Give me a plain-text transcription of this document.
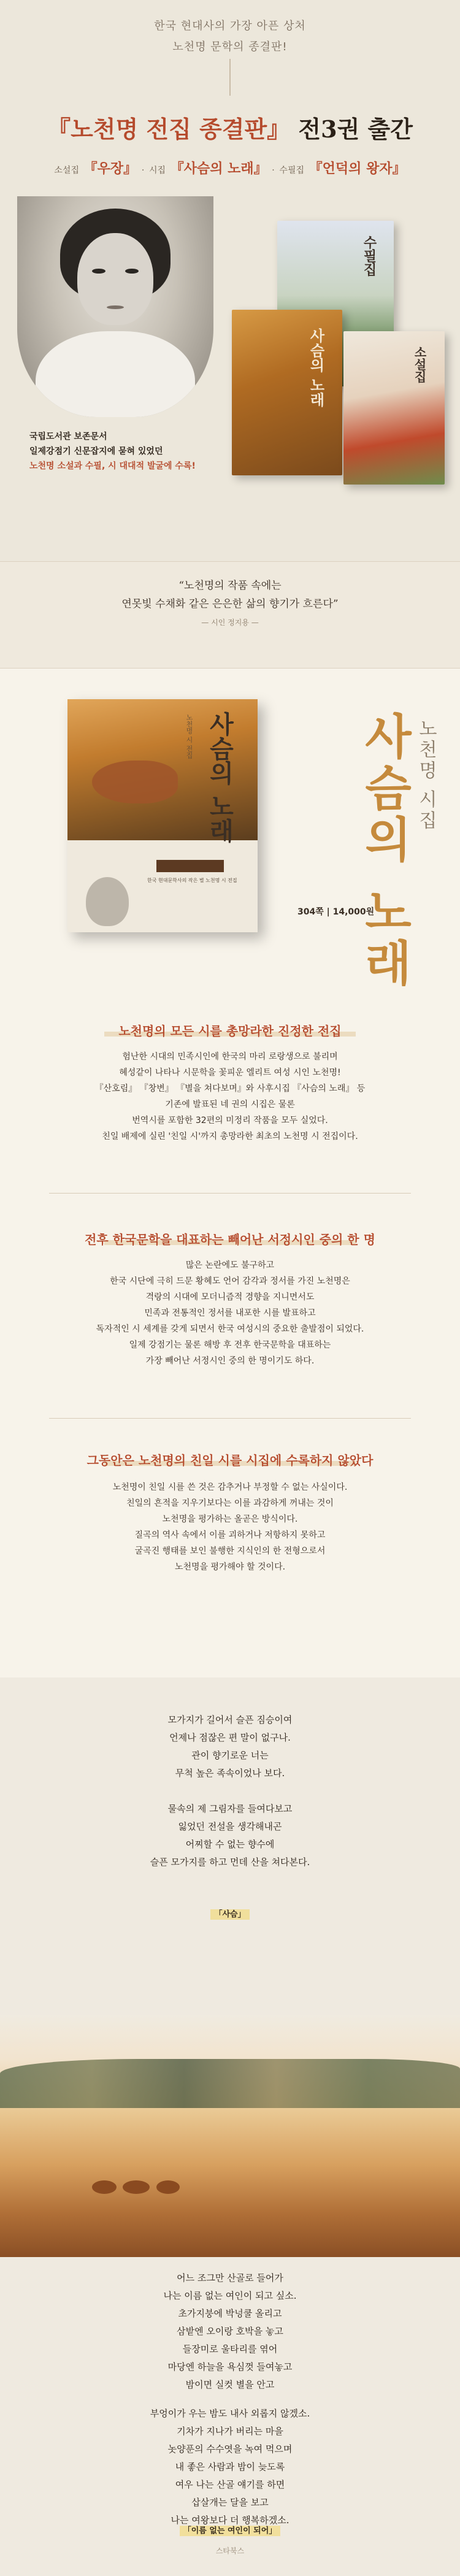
한국 현대사의 가장 아픈 상처
노천명 문학의 종결판!
『노천명 전집 종결판』 전3권 출간
소설집 『우장』 · 시집 『사슴의 노래』 · 수필집 『언덕의 왕자』
수필집
사슴의 노래	소설집
국립도서관 보존문서
일제강점기 신문잡지에 묻혀 있었던
노천명 소설과 수필, 시 대대적 발굴에 수록!
“노천명의 작품 속에는
연못빛 수채화 같은 은은한 삶의 향기가 흐른다”
— 시인 정지용 —
노천명 시 전집 사슴의 노래
한국 현대문학사의 작은 별 노천명 시 전집 사슴의 노래 노천명 시집
304쪽 | 14,000원
노천명의 모든 시를 총망라한 진정한 전집
험난한 시대의 민족시인에 한국의 마리 로랑생으로 불리며
혜성같이 나타나 시문학을 꽃피운 엘리트 여성 시인 노천명!
『산호림』 『창변』 『별을 쳐다보며』와 사후시집 『사슴의 노래』 등
기존에 발표된 네 권의 시집은 물론
번역시를 포함한 32편의 미정리 작품을 모두 실었다.
친일 배제에 실린 '친일 시'까지 총망라한 최초의 노천명 시 전집이다.
전후 한국문학을 대표하는 빼어난 서정시인 중의 한 명
많은 논란에도 불구하고
한국 시단에 극히 드문 황혜도 언어 감각과 정서를 가진 노천명은
격랑의 시대에 모더니즘적 경향을 지니면서도
민족과 전통적인 정서를 내포한 시를 발표하고
독자적인 시 세계를 갖게 되면서 한국 여성시의 중요한 출발점이 되었다.
일제 강점기는 물론 해방 후 전후 한국문학을 대표하는
가장 빼어난 서정시인 중의 한 명이기도 하다.
그동안은 노천명의 친일 시를 시집에 수록하지 않았다
노천명이 친일 시를 쓴 것은 감추거나 부정할 수 없는 사실이다.
친일의 흔적을 지우기보다는 이를 과감하게 꺼내는 것이
노천명을 평가하는 올곧은 방식이다.
질곡의 역사 속에서 이를 괴하거나 저항하지 못하고
굴곡진 행태를 보인 불행한 지식인의 한 전형으로서
노천명을 평가해야 할 것이다.
모가지가 길어서 슬픈 짐승이여
언제나 점잖은 편 말이 없구나.
관이 향기로운 너는
무척 높은 족속이었나 보다.
물속의 제 그림자를 들여다보고
잃었던 전설을 생각해내곤
어찌할 수 없는 향수에
슬픈 모가지를 하고 먼데 산을 쳐다본다.
「사슴」
어느 조그만 산골로 들어가
나는 이름 없는 여인이 되고 싶소.
초가지붕에 박넝쿨 올리고
삼밭엔 오이랑 호박을 놓고
들장미로 울타리를 엮어
마당엔 하늘을 욕심껏 들여놓고
밤이면 실컷 별을 안고
부엉이가 우는 밤도 내사 외롭지 않겠소.
기차가 지나가 버리는 마을
놋양푼의 수수엿을 녹여 먹으며
내 좋은 사람과 밤이 늦도록
여우 나는 산골 얘기를 하면
삽살개는 달을 보고
나는 여왕보다 더 행복하겠소.
「이름 없는 여인이 되어」
스타북스
